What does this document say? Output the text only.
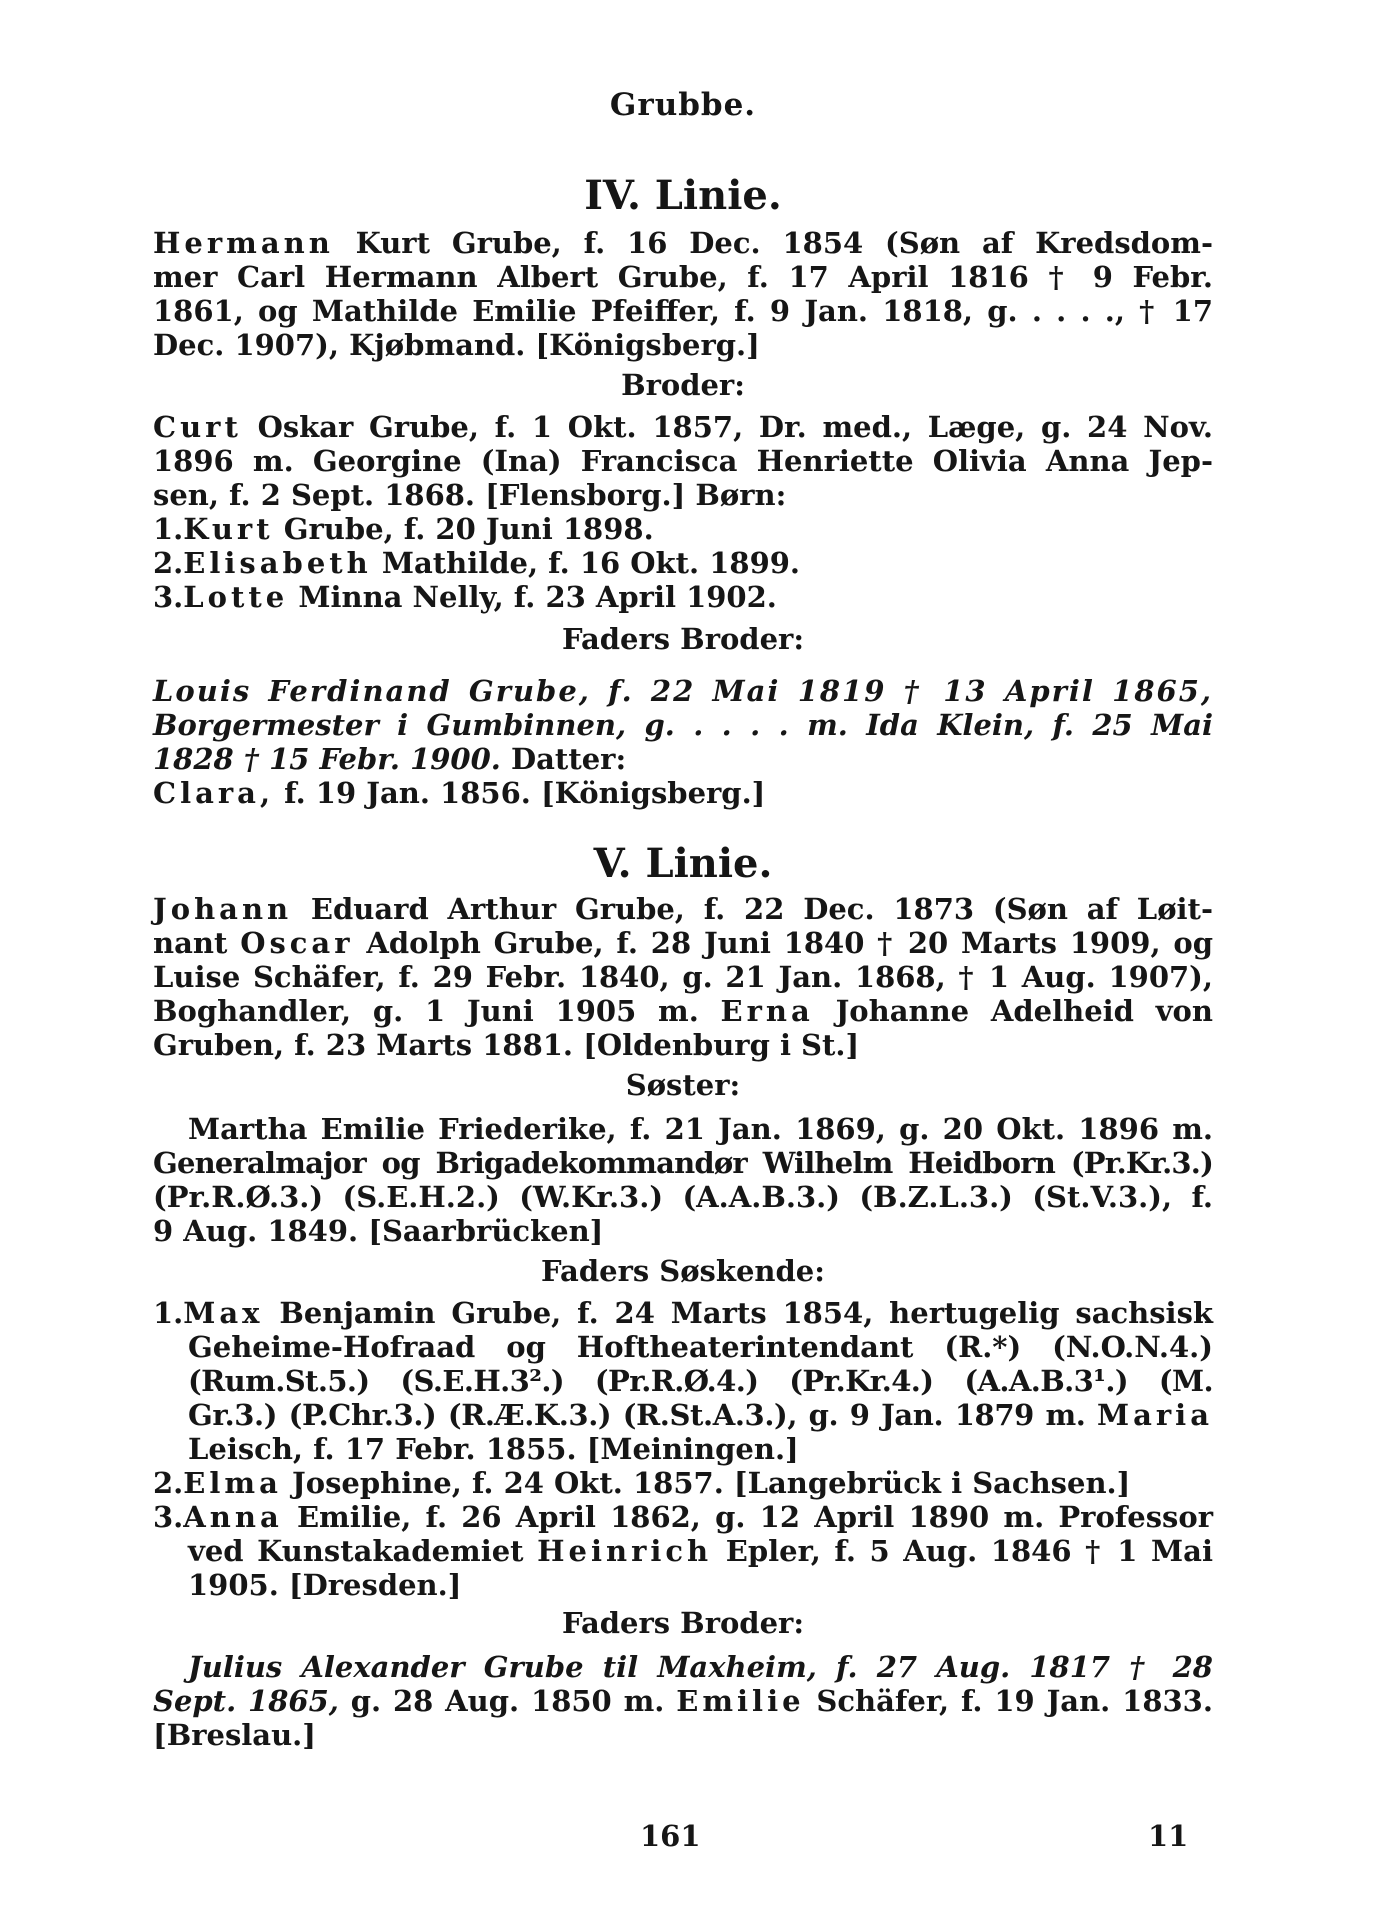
Grubbe.
IV. Linie.
Hermann Kurt Grube, f. 16 Dec. 1854 (Søn af Kredsdom-
mer Carl Hermann Albert Grube, f. 17 April 1816 † 9 Febr.
1861, og Mathilde Emilie Pfeiffer, f. 9 Jan. 1818, g. . . . ., † 17
Dec. 1907), Kjøbmand. [Königsberg.]
Broder:
Curt Oskar Grube, f. 1 Okt. 1857, Dr. med., Læge, g. 24 Nov.
1896 m. Georgine (Ina) Francisca Henriette Olivia Anna Jep-
sen, f. 2 Sept. 1868. [Flensborg.] Børn:
1.Kurt Grube, f. 20 Juni 1898.
2.Elisabeth Mathilde, f. 16 Okt. 1899.
3.Lotte Minna Nelly, f. 23 April 1902.
Faders Broder:
Louis Ferdinand Grube, f. 22 Mai 1819 † 13 April 1865,
Borgermester i Gumbinnen, g. . . . . m. Ida Klein, f. 25 Mai
1828 † 15 Febr. 1900. Datter:
Clara, f. 19 Jan. 1856. [Königsberg.]
V. Linie.
Johann Eduard Arthur Grube, f. 22 Dec. 1873 (Søn af Løit-
nant Oscar Adolph Grube, f. 28 Juni 1840 † 20 Marts 1909, og
Luise Schäfer, f. 29 Febr. 1840, g. 21 Jan. 1868, † 1 Aug. 1907),
Boghandler, g. 1 Juni 1905 m. Erna Johanne Adelheid von
Gruben, f. 23 Marts 1881. [Oldenburg i St.]
Søster:
Martha Emilie Friederike, f. 21 Jan. 1869, g. 20 Okt. 1896 m.
Generalmajor og Brigadekommandør Wilhelm Heidborn (Pr.Kr.3.)
(Pr.R.Ø.3.) (S.E.H.2.) (W.Kr.3.) (A.A.B.3.) (B.Z.L.3.) (St.V.3.), f.
9 Aug. 1849. [Saarbrücken]
Faders Søskende:
1.Max Benjamin Grube, f. 24 Marts 1854, hertugelig sachsisk
Geheime-Hofraad og Hoftheaterintendant (R.*) (N.O.N.4.)
(Rum.St.5.) (S.E.H.3².) (Pr.R.Ø.4.) (Pr.Kr.4.) (A.A.B.3¹.) (M.
Gr.3.) (P.Chr.3.) (R.Æ.K.3.) (R.St.A.3.), g. 9 Jan. 1879 m. Maria
Leisch, f. 17 Febr. 1855. [Meiningen.]
2.Elma Josephine, f. 24 Okt. 1857. [Langebrück i Sachsen.]
3.Anna Emilie, f. 26 April 1862, g. 12 April 1890 m. Professor
ved Kunstakademiet Heinrich Epler, f. 5 Aug. 1846 † 1 Mai
1905. [Dresden.]
Faders Broder:
Julius Alexander Grube til Maxheim, f. 27 Aug. 1817 † 28
Sept. 1865, g. 28 Aug. 1850 m. Emilie Schäfer, f. 19 Jan. 1833.
[Breslau.]
161	11
